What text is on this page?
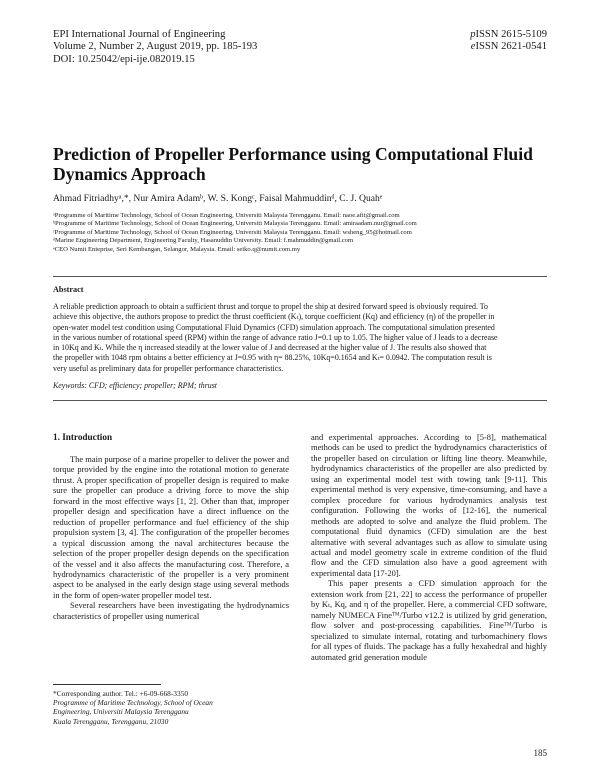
EPI International Journal of Engineering
Volume 2, Number 2, August 2019, pp. 185-193
DOI: 10.25042/epi-ije.082019.15
pISSN 2615-5109
eISSN 2621-0541
Prediction of Propeller Performance using Computational Fluid
Dynamics Approach
Ahmad Fitriadhyᵃ,*, Nur Amira Adamᵇ, W. S. Kongᶜ, Faisal Mahmuddinᵈ, C. J. Quahᵉ
ᵃProgramme of Maritime Technology, School of Ocean Engineering, Universiti Malaysia Terengganu. Email: naoe.afit@gmail.com
ᵇProgramme of Maritime Technology, School of Ocean Engineering, Universiti Malaysia Terengganu. Email: amiraadam.nur@gmail.com
ᶜProgramme of Maritime Technology, School of Ocean Engineering, Universiti Malaysia Terengganu. Email: wsheng_95@hotmail.com
ᵈMarine Engineering Department, Engineering Faculty, Hasanuddin University. Email: f.mahmuddin@gmail.com
ᵉCEO Numit Enteprise, Seri Kembangan, Selangor, Malaysia. Email: seiko.q@numit.com.my
Abstract
A reliable prediction approach to obtain a sufficient thrust and torque to propel the ship at desired forward speed is obviously required. To
achieve this objective, the authors propose to predict the thrust coefficient (Kₜ), torque coefficient (Kq) and efficiency (η) of the propeller in
open-water model test condition using Computational Fluid Dynamics (CFD) simulation approach. The computational simulation presented
in the various number of rotational speed (RPM) within the range of advance ratio J=0.1 up to 1.05. The higher value of J leads to a decrease
in 10Kq and Kₜ. While the η increased steadily at the lower value of J and decreased at the higher value of J. The results also showed that
the propeller with 1048 rpm obtains a better efficiency at J=0.95 with η= 88.25%, 10Kq=0.1654 and Kₜ= 0.0942. The computation result is
very useful as preliminary data for propeller performance characteristics.
Keywords: CFD; efficiency; propeller; RPM; thrust
1. Introduction

The main purpose of a marine propeller to deliver the power and torque provided by the engine into the rotational motion to generate thrust. A proper specification of propeller design is required to make sure the propeller can produce a driving force to move the ship forward in the most effective ways [1, 2]. Other than that, improper propeller design and specification have a direct influence on the reduction of propeller performance and fuel efficiency of the ship propulsion system [3, 4]. The configuration of the propeller becomes a typical discussion among the naval architectures because the selection of the proper propeller design depends on the specification of the vessel and it also affects the manufacturing cost. Therefore, a hydrodynamics characteristic of the propeller is a very prominent aspect to be analysed in the early design stage using several methods in the form of open-water propeller model test.

Several researchers have been investigating the hydrodynamics characteristics of propeller using numerical

*Corresponding author. Tel.: +6-09-668-3350
Programme of Maritime Technology, School of Ocean
Engineering, Universiti Malaysia Terengganu
Kuala Terengganu, Terengganu, 21030

and experimental approaches. According to [5-8], mathematical methods can be used to predict the hydrodynamics characteristics of the propeller based on circulation or lifting line theory. Meanwhile, hydrodynamics characteristics of the propeller are also predicted by using an experimental model test with towing tank [9-11]. This experimental method is very expensive, time-consuming, and have a complex procedure for various hydrodynamics analysis test configuration. Following the works of [12-16], the numerical methods are adopted to solve and analyze the fluid problem. The computational fluid dynamics (CFD) simulation are the best alternative with several advantages such as allow to simulate using actual and model geometry scale in extreme condition of the fluid flow and the CFD simulation also have a good agreement with experimental data [17-20].

This paper presents a CFD simulation approach for the extension work from [21, 22] to access the performance of propeller by Kₜ, Kq, and η of the propeller. Here, a commercial CFD software, namely NUMECA Fineᵀᴹ/Turbo v12.2 is utilized by grid generation, flow solver and post-processing capabilities. Fineᵀᴹ/Turbo is specialized to simulate internal, rotating and turbomachinery flows for all types of fluids. The package has a fully hexahedral and highly automated grid generation module

185
